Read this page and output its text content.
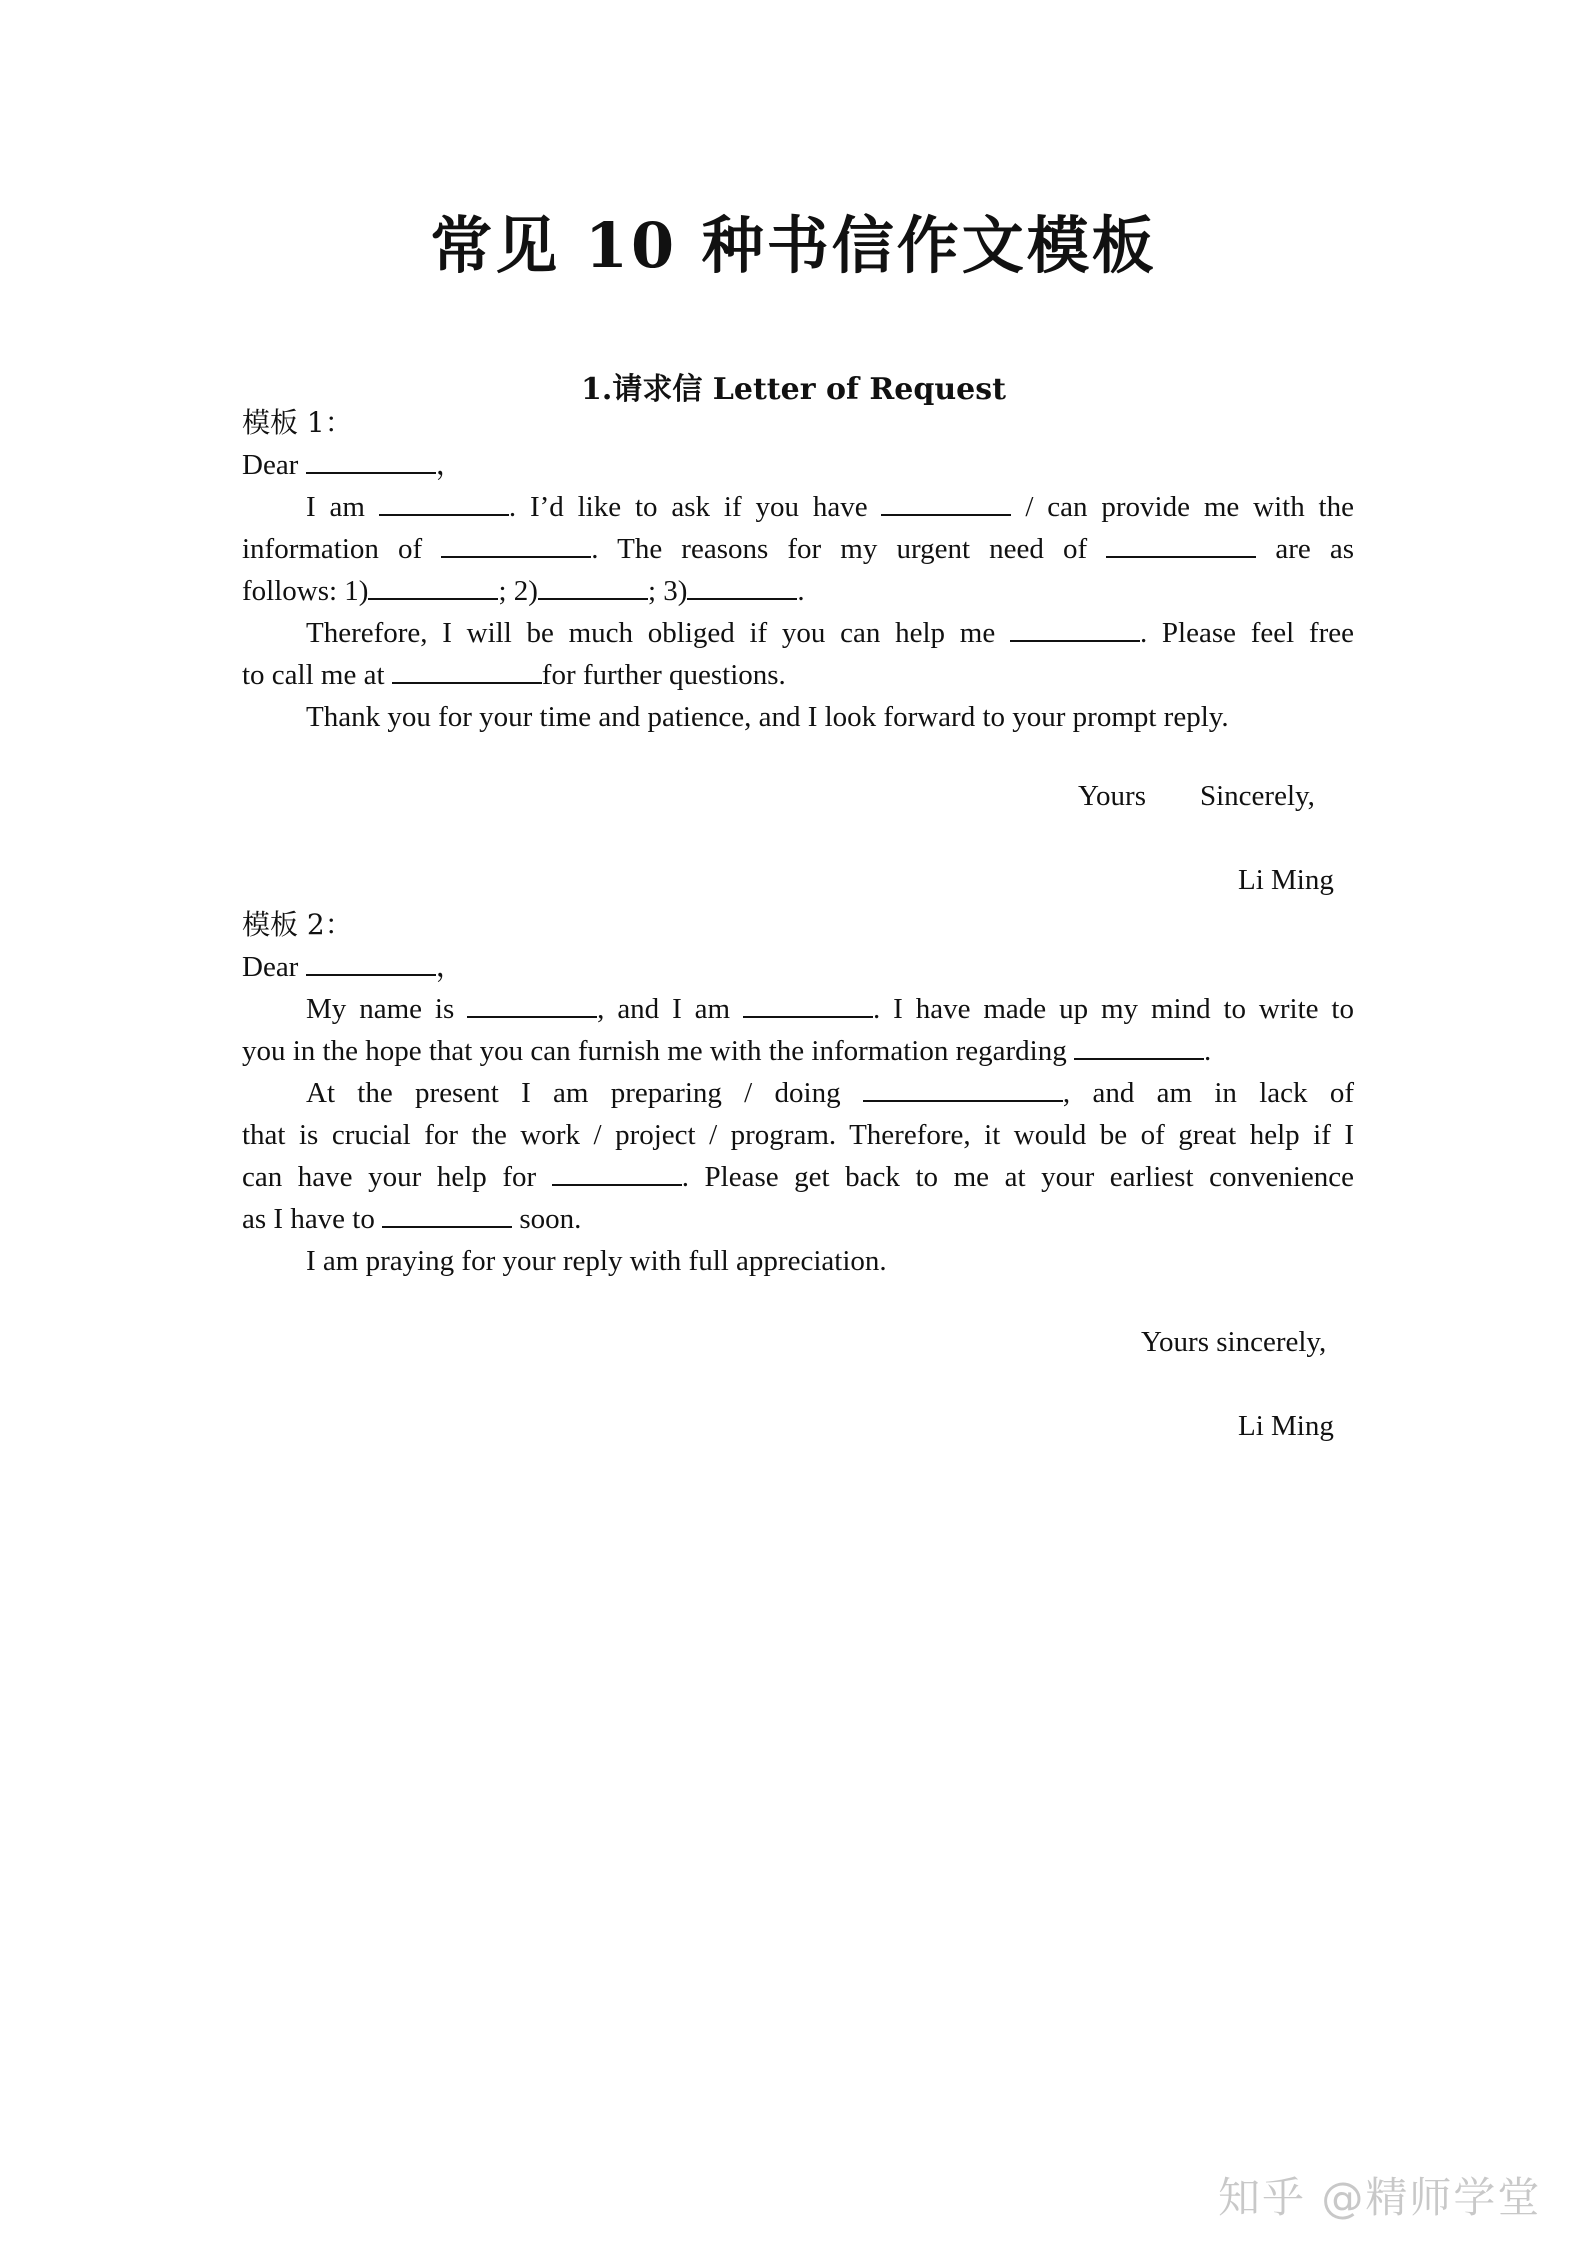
常见 10 种书信作文模板
1.请求信 Letter of Request
模板 1：
Dear	，
I am	. I’d like to ask if you have	/ can provide me with the
information of	. The reasons for my urgent need of	are as
follows: 1)	; 2)	; 3)	.
Therefore, I will be much obliged if you can help me	. Please feel free
to call me at	for further questions.
Thank you for your time and patience, and I look forward to your prompt reply.
Yours Sincerely,
Li Ming
模板 2：
Dear	，
My name is	, and I am	. I have made up my mind to write to
you in the hope that you can furnish me with the information regarding	.
At the present I am preparing / doing	, and am in lack of
that is crucial for the work / project / program. Therefore, it would be of great help if I
can have your help for	. Please get back to me at your earliest convenience
as I have to	soon.
I am praying for your reply with full appreciation.
Yours sincerely,
Li Ming
知乎 @精师学堂
